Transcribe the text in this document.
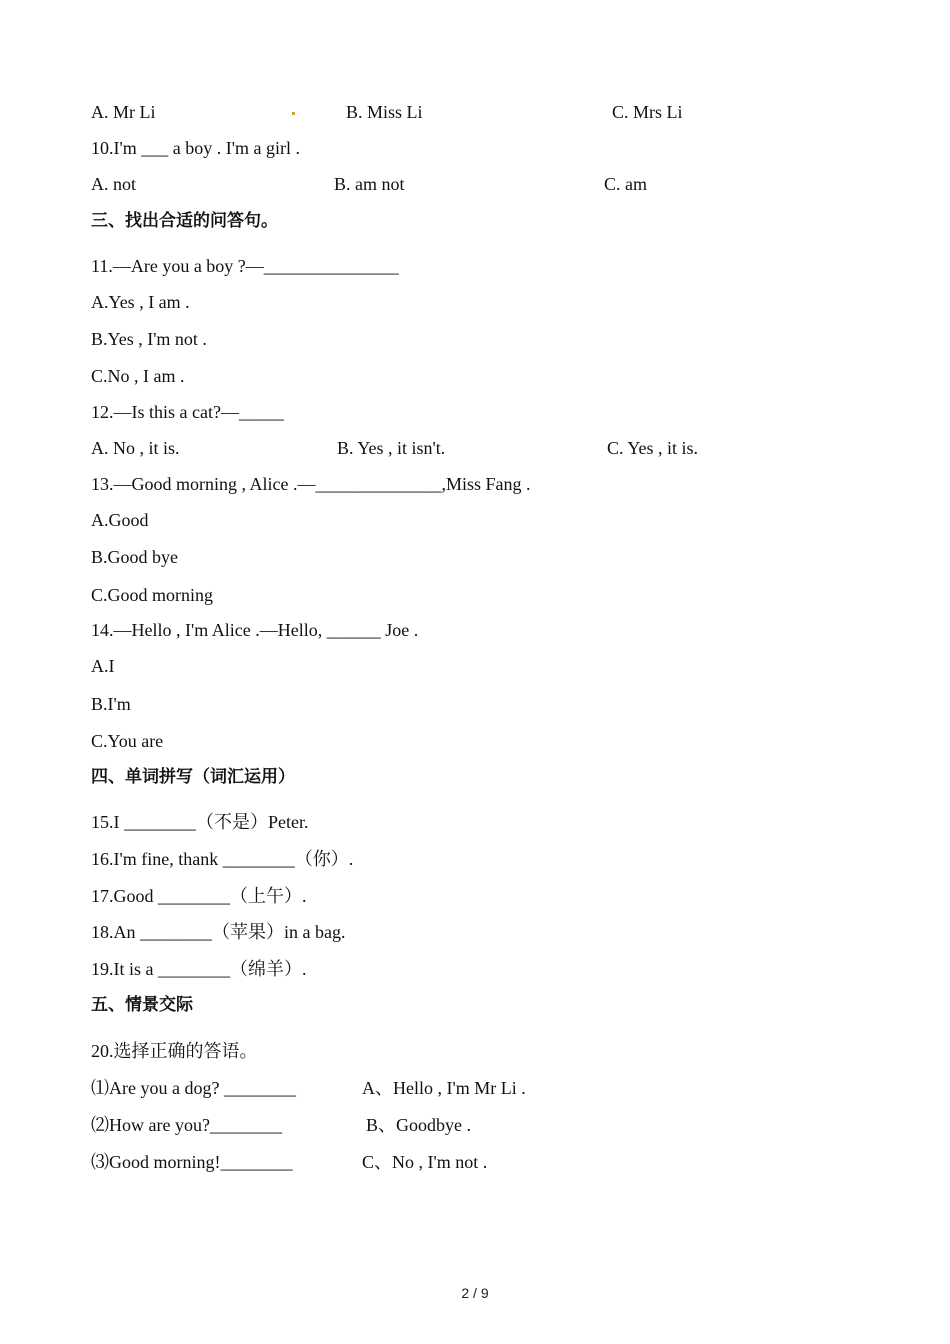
A. Mr Li	B. Miss Li	C. Mrs Li
10.I'm ___ a boy . I'm a girl .
A. not	B. am not	C. am
三、找出合适的问答句。
11.—Are you a boy ?—_______________
A.Yes , I am .
B.Yes , I'm not .
C.No , I am .
12.—Is this a cat?—_____
A. No , it is.	B. Yes , it isn't.	C. Yes , it is.
13.—Good morning , Alice .—______________,Miss Fang .
A.Good
B.Good bye
C.Good morning
14.—Hello , I'm Alice .—Hello, ______ Joe .
A.I
B.I'm
C.You are
四、单词拼写（词汇运用）
15.I ________（不是）Peter.
16.I'm fine, thank ________（你）.
17.Good ________（上午）.
18.An ________（苹果）in a bag.
19.It is a ________（绵羊）.
五、情景交际
20.选择正确的答语。
⑴Are you a dog? ________	A、Hello , I'm Mr Li .
⑵How are you?________	B、Goodbye .
⑶Good morning!________	C、No , I'm not .
2 / 9
